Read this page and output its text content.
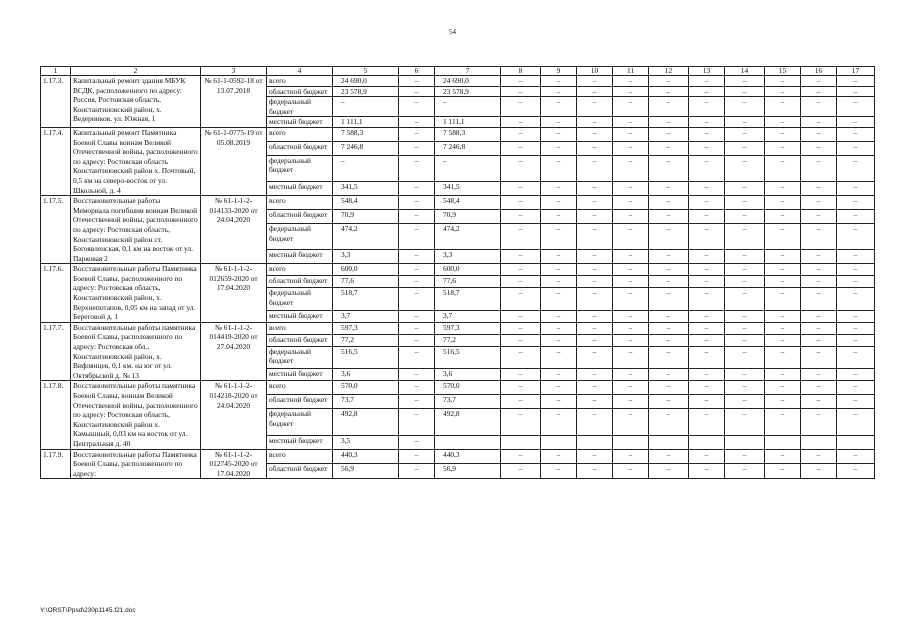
54
1	2	3	4	5	6	7	8	9	10	11	12	13	14	15	16	17
1.17.3.	Капитальный ремонт здания МБУК ВСДК, расположенного по адресу: Россия, Ростовская область, Константиновский район, х. Ведерников, ул. Южная, 1	№ 61-1-0592-18 от 13.07.2018	всего	24 690,0	–	24 690,0	–	–	–	–	–	–	–	–	–	–
			областной бюджет	23 578,9	–	23 578,9	–	–	–	–	–	–	–	–	–	–
			федеральный бюджет	–	–	–	–	–	–	–	–	–	–	–	–	–
			местный бюджет	1 111,1	–	1 111,1	–	–	–	–	–	–	–	–	–	–
1.17.4.	Капитальный ремонт Памятника Боевой Славы воинам Великой Отечественной войны, расположенного по адресу: Ростовская область Константиновский район х. Почтовый, 0,5 км на северо-восток от ул. Школьной, д. 4	№ 61-1-0775-19 от 05.08.2019	всего	7 588,3	–	7 588,3	–	–	–	–	–	–	–	–	–	–
			областной бюджет	7 246,8	–	7 246,8	–	–	–	–	–	–	–	–	–	–
			федеральный бюджет	–	–	–	–	–	–	–	–	–	–	–	–	–
			местный бюджет	341,5	–	341,5	–	–	–	–	–	–	–	–	–	–
1.17.5.	Восстановительные работы Мемориала погибшим воинам Великой Отечественной войны, расположенного по адресу: Ростовская область, Константиновский район ст. Богоявленская, 0,1 км на восток от ул. Парковая 2	№ 61-1-1-2-014133-2020 от 24.04.2020	всего	548,4	–	548,4	–	–	–	–	–	–	–	–	–	–
			областной бюджет	70,9	–	70,9	–	–	–	–	–	–	–	–	–	–
			федеральный бюджет	474,2	–	474,2	–	–	–	–	–	–	–	–	–	–
			местный бюджет	3,3	–	3,3	–	–	–	–	–	–	–	–	–	–
1.17.6.	Восстановительные работы Памятника Боевой Славы, расположенного по адресу: Ростовская область, Константиновский район, х. Верхнепотапов, 0,05 км на запад от ул. Береговой д. 1	№ 61-1-1-2-012659-2020 от 17.04.2020	всего	600,0	–	600,0	–	–	–	–	–	–	–	–	–	–
			областной бюджет	77,6	–	77,6	–	–	–	–	–	–	–	–	–	–
			федеральный бюджет	518,7	–	518,7	–	–	–	–	–	–	–	–	–	–
			местный бюджет	3,7	–	3,7	–	–	–	–	–	–	–	–	–	–
1.17.7.	Восстановительные работы памятника Боевой Славы, расположенного по адресу: Ростовская обл., Константиновский район, х. Вифлянцев, 0,1 км. на юг от ул. Октябрьской д. № 13	№ 61-1-1-2-014419-2020 от 27.04.2020	всего	597,3	–	597,3	–	–	–	–	–	–	–	–	–	–
			областной бюджет	77,2	–	77,2	–	–	–	–	–	–	–	–	–	–
			федеральный бюджет	516,5	–	516,5	–	–	–	–	–	–	–	–	–	–
			местный бюджет	3,6	–	3,6	–	–	–	–	–	–	–	–	–	–
1.17.8.	Восстановительные работы памятника Боевой Славы, воинам Великой Отечественной войны, расположенного по адресу: Ростовская область, Константиновский район х. Камышный, 0,03 км на восток от ул. Центральная д. 40	№ 61-1-1-2-014218-2020 от 24.04.2020	всего	570,0	–	570,0	–	–	–	–	–	–	–	–	–	–
			областной бюджет	73,7	–	73,7	–	–	–	–	–	–	–	–	–	–
			федеральный бюджет	492,8	–	492,8	–	–	–	–	–	–	–	–	–	–
			местный бюджет	3,5	–											
1.17.9.	Восстановительные работы Памятника Боевой Славы, расположенного по адресу:	№ 61-1-1-2-012745-2020 от 17.04.2020	всего	440,3	–	440,3	–	–	–	–	–	–	–	–	–	–
			областной бюджет	56,9	–	56,9	–	–	–	–	–	–	–	–	–	–
Y:\ORST\Ppsd\230p1145.f21.doc
